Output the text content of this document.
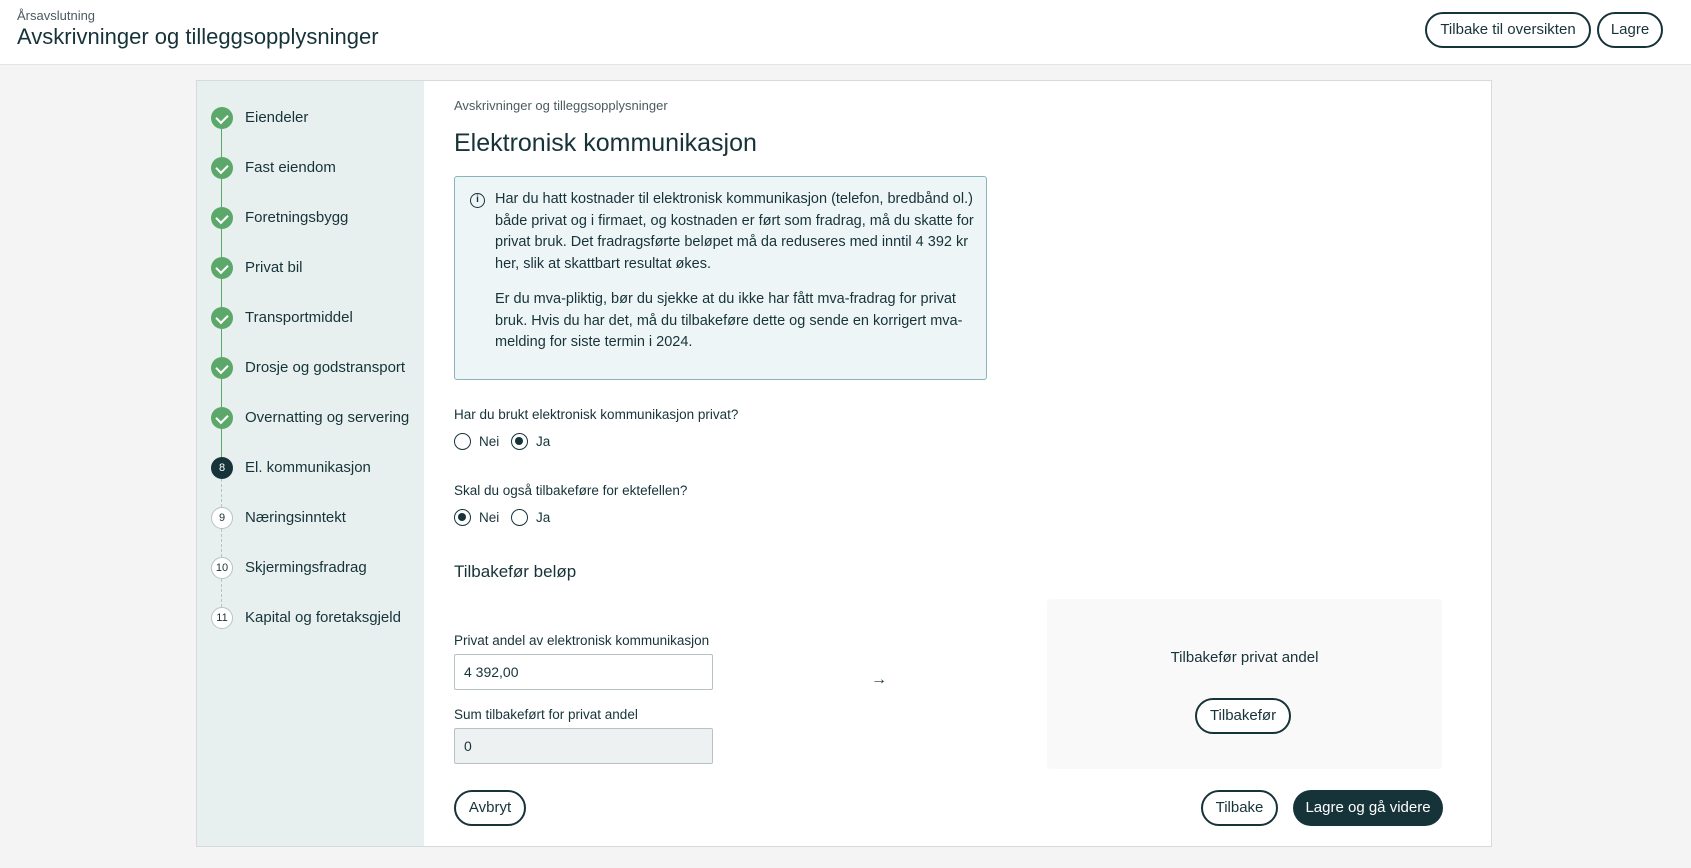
Årsavslutning
Avskrivninger og tilleggsopplysninger	Tilbake til oversikten	Lagre
Eiendeler
Fast eiendom
Foretningsbygg
Privat bil
Transportmiddel
Drosje og godstransport
Overnatting og servering
8	El. kommunikasjon
9	Næringsinntekt
10	Skjermingsfradrag
11	Kapital og foretaksgjeld
Avskrivninger og tilleggsopplysninger
Elektronisk kommunikasjon
i	Har du hatt kostnader til elektronisk kommunikasjon (telefon, bredbånd ol.) både privat og i firmaet, og kostnaden er ført som fradrag, må du skatte for privat bruk. Det fradragsførte beløpet må da reduseres med inntil 4 392 kr her, slik at skattbart resultat økes.

Er du mva-pliktig, bør du sjekke at du ikke har fått mva-fradrag for privat bruk. Hvis du har det, må du tilbakeføre dette og sende en korrigert mva-melding for siste termin i 2024.

Har du brukt elektronisk kommunikasjon privat?
Nei	Ja
Skal du også tilbakeføre for ektefellen?
Nei	Ja
Tilbakefør beløp
Privat andel av elektronisk kommunikasjon
4 392,00
Sum tilbakeført for privat andel
0
→
Tilbakefør privat andel
Tilbakefør
Avbryt	Tilbake	Lagre og gå videre
